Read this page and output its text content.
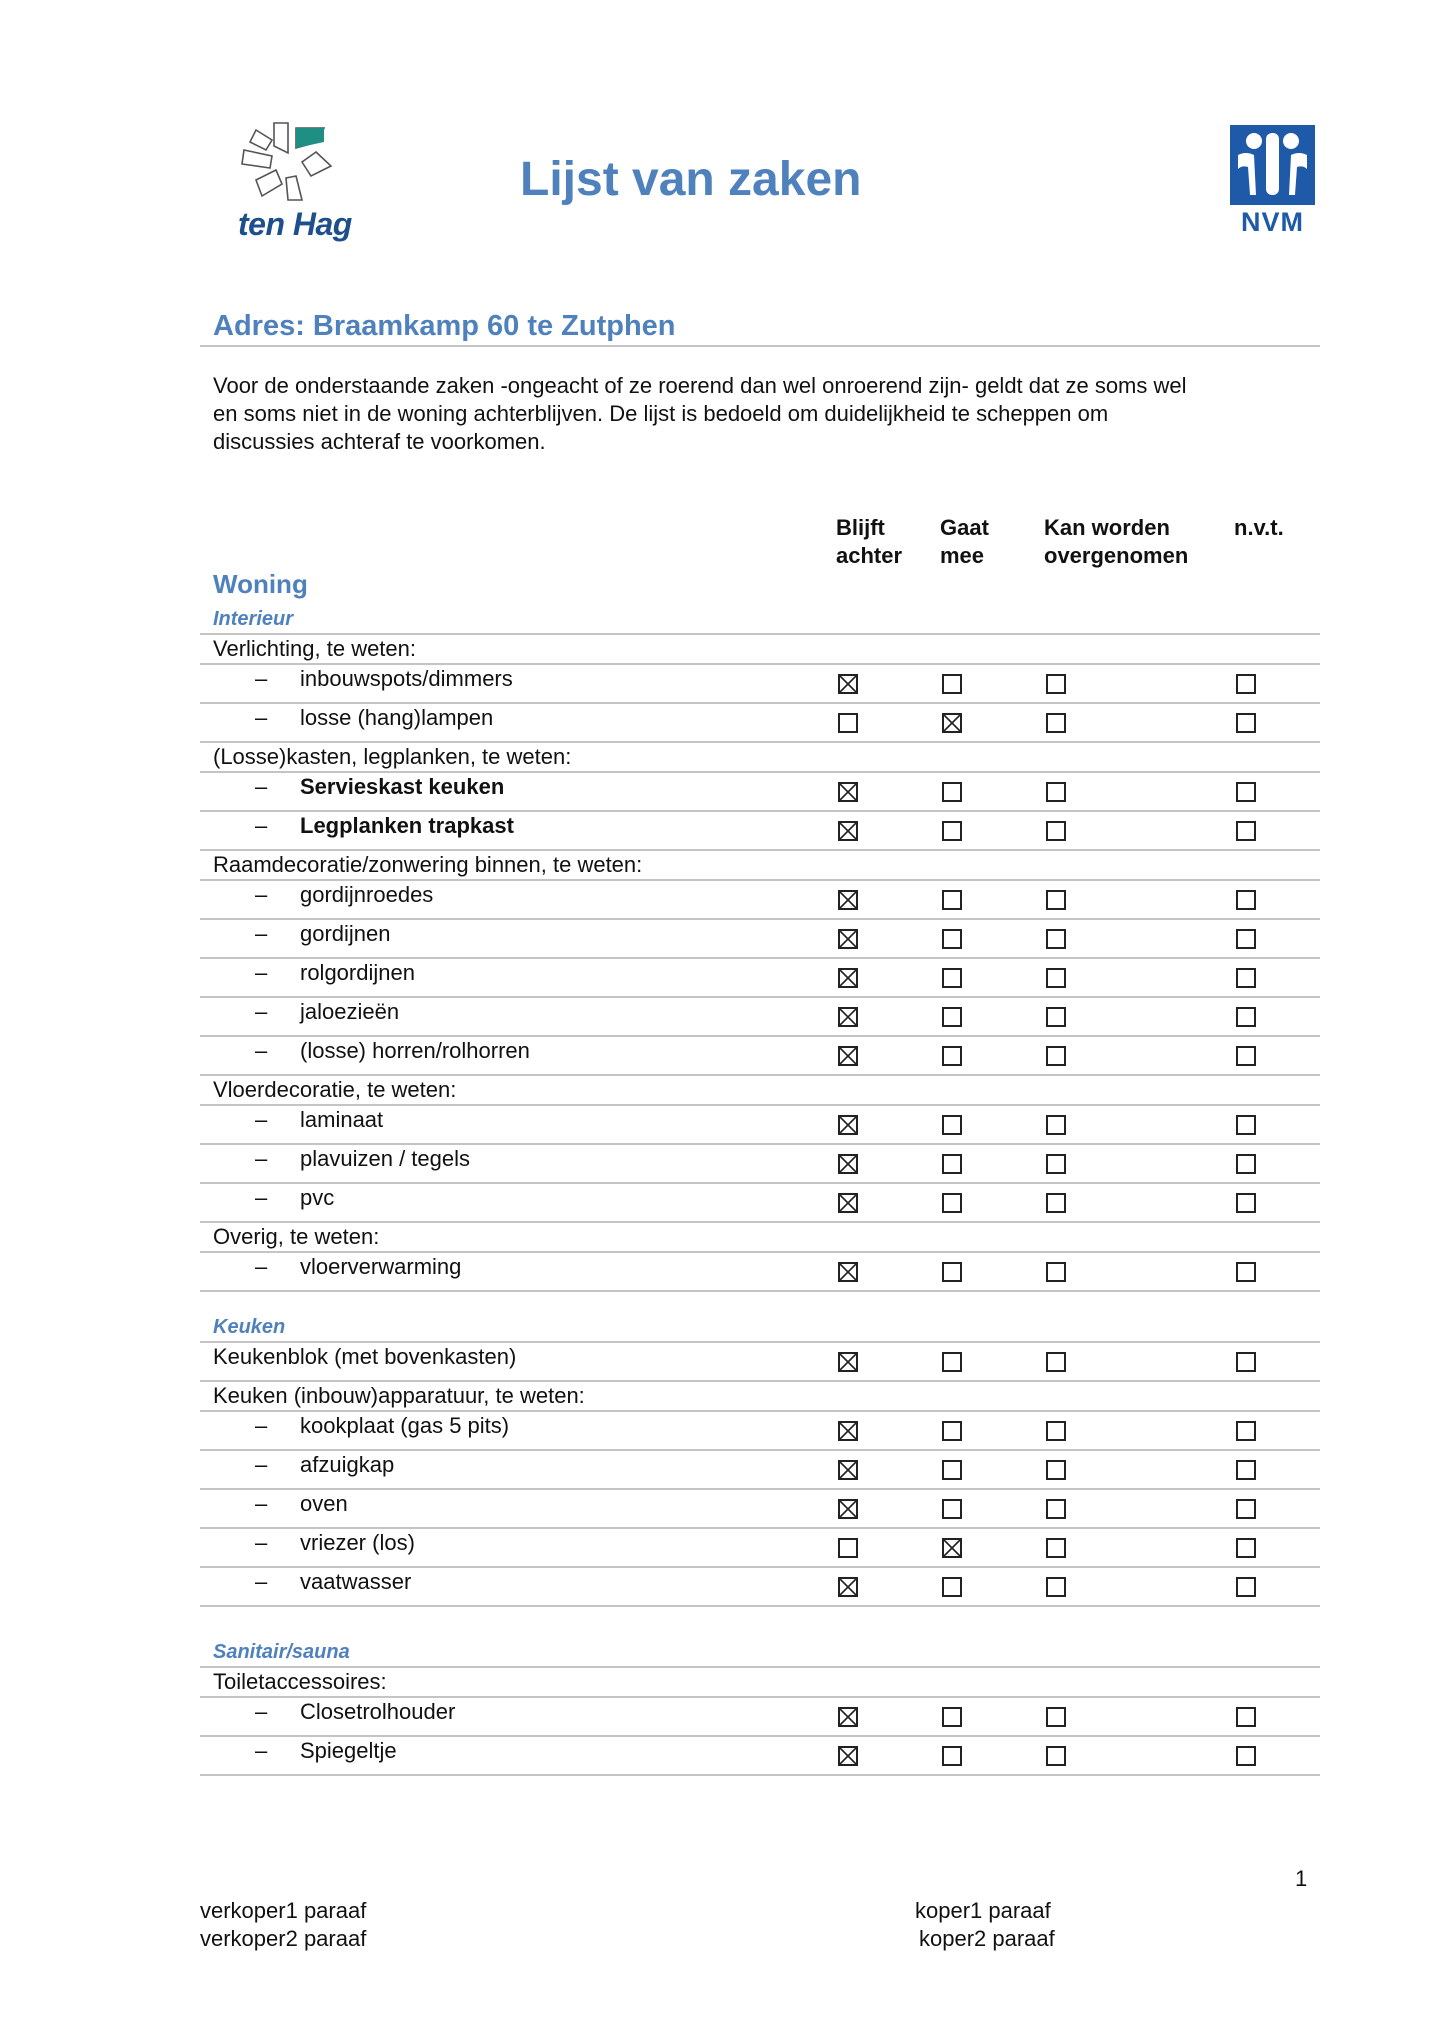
ten Hag
Lijst van zaken
NVM
Adres: Braamkamp 60 te Zutphen
Voor de onderstaande zaken -ongeacht of ze roerend dan wel onroerend zijn- geldt dat ze soms wel
en soms niet in de woning achterblijven. De lijst is bedoeld om duidelijkheid te scheppen om
discussies achteraf te voorkomen.
Blijft
achter
Gaat
mee
Kan worden
overgenomen
n.v.t.
Woning
Interieur
Verlichting, te weten:
– inbouwspots/dimmers
– losse (hang)lampen
(Losse)kasten, legplanken, te weten:
– Servieskast keuken
– Legplanken trapkast
Raamdecoratie/zonwering binnen, te weten:
– gordijnroedes
– gordijnen
– rolgordijnen
– jaloezieën
– (losse) horren/rolhorren
Vloerdecoratie, te weten:
– laminaat
– plavuizen / tegels
– pvc
Overig, te weten:
– vloerverwarming
Keuken
Keukenblok (met bovenkasten)
Keuken (inbouw)apparatuur, te weten:
– kookplaat (gas 5 pits)
– afzuigkap
– oven
– vriezer (los)
– vaatwasser
Sanitair/sauna
Toiletaccessoires:
– Closetrolhouder
– Spiegeltje
1
verkoper1 paraaf
verkoper2 paraaf
koper1 paraaf
koper2 paraaf
